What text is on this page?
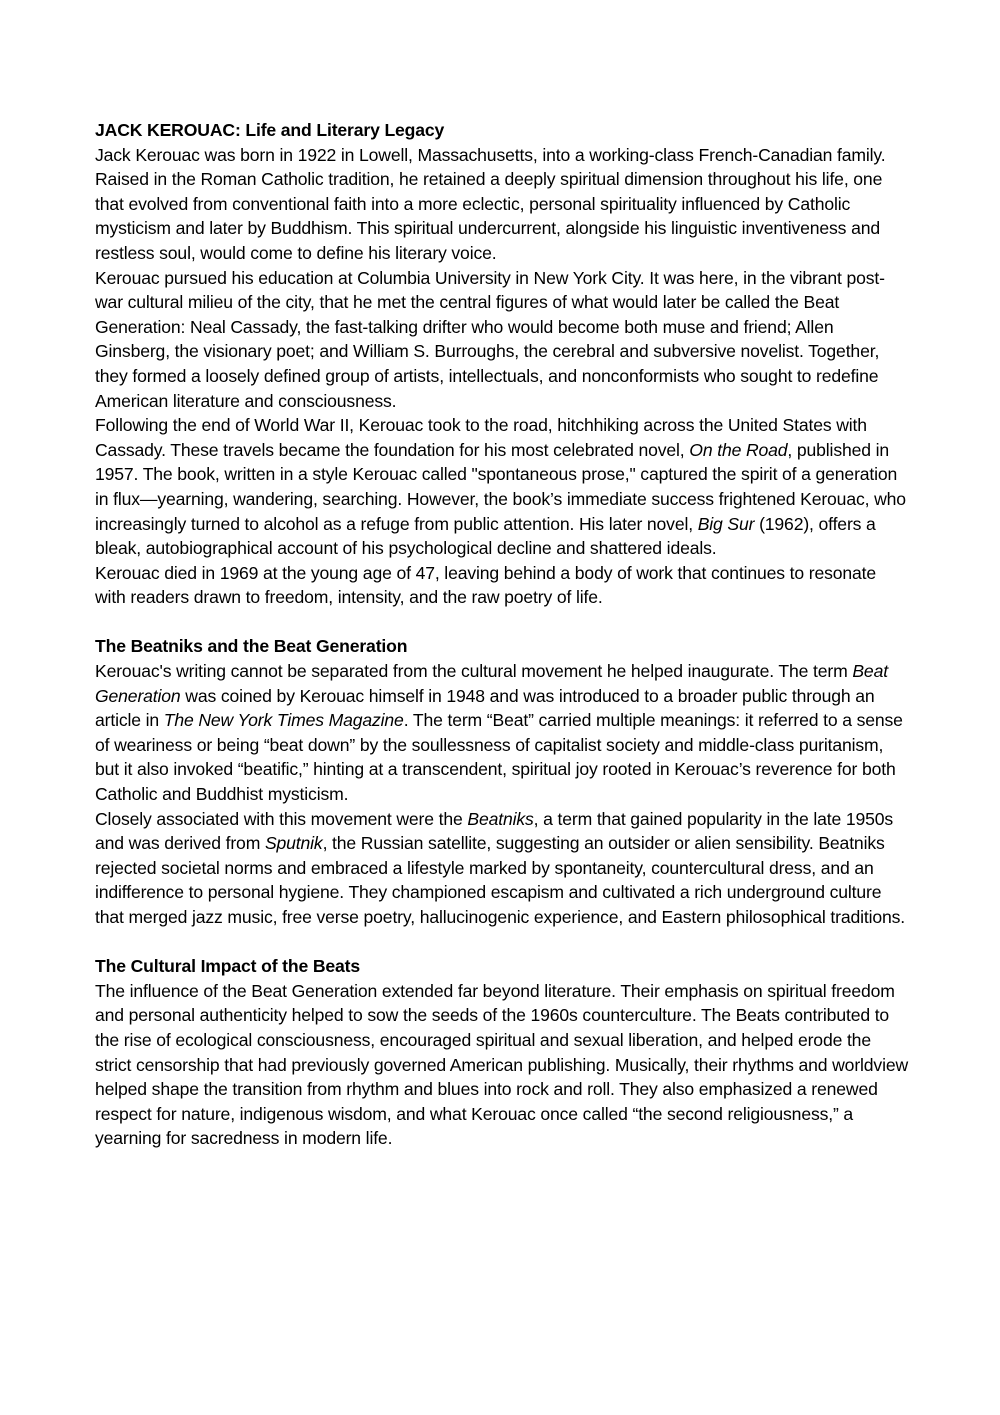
JACK KEROUAC: Life and Literary Legacy

Jack Kerouac was born in 1922 in Lowell, Massachusetts, into a working-class French-Canadian family. Raised in the Roman Catholic tradition, he retained a deeply spiritual dimension throughout his life, one that evolved from conventional faith into a more eclectic, personal spirituality influenced by Catholic mysticism and later by Buddhism. This spiritual undercurrent, alongside his linguistic inventiveness and restless soul, would come to define his literary voice.

Kerouac pursued his education at Columbia University in New York City. It was here, in the vibrant post-war cultural milieu of the city, that he met the central figures of what would later be called the Beat Generation: Neal Cassady, the fast-talking drifter who would become both muse and friend; Allen Ginsberg, the visionary poet; and William S. Burroughs, the cerebral and subversive novelist. Together, they formed a loosely defined group of artists, intellectuals, and nonconformists who sought to redefine American literature and consciousness.

Following the end of World War II, Kerouac took to the road, hitchhiking across the United States with Cassady. These travels became the foundation for his most celebrated novel, On the Road, published in 1957. The book, written in a style Kerouac called "spontaneous prose," captured the spirit of a generation in flux—yearning, wandering, searching. However, the book’s immediate success frightened Kerouac, who increasingly turned to alcohol as a refuge from public attention. His later novel, Big Sur (1962), offers a bleak, autobiographical account of his psychological decline and shattered ideals.

Kerouac died in 1969 at the young age of 47, leaving behind a body of work that continues to resonate with readers drawn to freedom, intensity, and the raw poetry of life.

The Beatniks and the Beat Generation

Kerouac's writing cannot be separated from the cultural movement he helped inaugurate. The term Beat Generation was coined by Kerouac himself in 1948 and was introduced to a broader public through an article in The New York Times Magazine. The term “Beat” carried multiple meanings: it referred to a sense of weariness or being “beat down” by the soullessness of capitalist society and middle-class puritanism, but it also invoked “beatific,” hinting at a transcendent, spiritual joy rooted in Kerouac’s reverence for both Catholic and Buddhist mysticism.

Closely associated with this movement were the Beatniks, a term that gained popularity in the late 1950s and was derived from Sputnik, the Russian satellite, suggesting an outsider or alien sensibility. Beatniks rejected societal norms and embraced a lifestyle marked by spontaneity, countercultural dress, and an indifference to personal hygiene. They championed escapism and cultivated a rich underground culture that merged jazz music, free verse poetry, hallucinogenic experience, and Eastern philosophical traditions.

The Cultural Impact of the Beats

The influence of the Beat Generation extended far beyond literature. Their emphasis on spiritual freedom and personal authenticity helped to sow the seeds of the 1960s counterculture. The Beats contributed to the rise of ecological consciousness, encouraged spiritual and sexual liberation, and helped erode the strict censorship that had previously governed American publishing. Musically, their rhythms and worldview helped shape the transition from rhythm and blues into rock and roll. They also emphasized a renewed respect for nature, indigenous wisdom, and what Kerouac once called “the second religiousness,” a yearning for sacredness in modern life.
